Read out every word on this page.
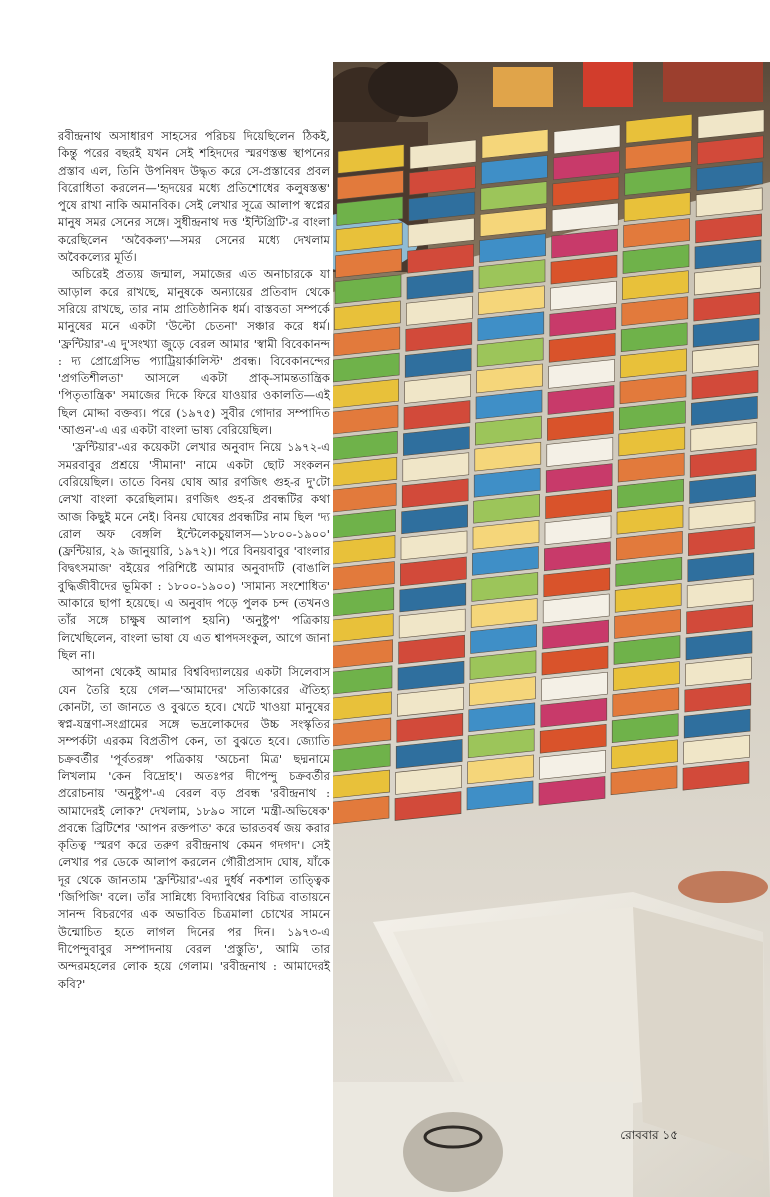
রবীন্দ্রনাথ অসাধারণ সাহসের পরিচয় দিয়েছিলেন ঠিকই, কিন্তু পরের বছরই যখন সেই শহিদদের স্মরণস্তম্ভ স্থাপনের প্রস্তাব এল, তিনি উপনিষদ উদ্ধৃত করে সে-প্রস্তাবের প্রবল বিরোধিতা করলেন—'হৃদয়ের মধ্যে প্রতিশোধের কলুষস্তম্ভ' পুষে রাখা নাকি অমানবিক। সেই লেখার সূত্রে আলাপ স্বপ্নের মানুষ সমর সেনের সঙ্গে। সুধীন্দ্রনাথ দত্ত 'ইন্টিগ্রিটি'-র বাংলা করেছিলেন 'অবৈকল্য'—সমর সেনের মধ্যে দেখলাম অবৈকল্যের মূর্তি।

অচিরেই প্রত্যয় জন্মাল, সমাজের এত অনাচারকে যা আড়াল করে রাখছে, মানুষকে অন্যায়ের প্রতিবাদ থেকে সরিয়ে রাখছে, তার নাম প্রাতিষ্ঠানিক ধর্ম। বাস্তবতা সম্পর্কে মানুষের মনে একটা 'উল্টো চেতনা' সঞ্চার করে ধর্ম। 'ফ্রন্টিয়ার'-এ দু'সংখ্যা জুড়ে বেরল আমার 'স্বামী বিবেকানন্দ : দ্য প্রোগ্রেসিভ প্যাট্রিয়ার্কালিস্ট' প্রবন্ধ। বিবেকানন্দের 'প্রগতিশীলতা' আসলে একটা প্রাক্-সামন্ততান্ত্রিক 'পিতৃতান্ত্রিক' সমাজের দিকে ফিরে যাওয়ার ওকালতি—এই ছিল মোদ্দা বক্তব্য। পরে (১৯৭৫) সুবীর গোদার সম্পাদিত 'আগুন'-এ এর একটা বাংলা ভাষ্য বেরিয়েছিল।

'ফ্রন্টিয়ার'-এর কয়েকটা লেখার অনুবাদ নিয়ে ১৯৭২-এ সমরবাবুর প্রশ্রয়ে 'সীমানা' নামে একটা ছোট সংকলন বেরিয়েছিল। তাতে বিনয় ঘোষ আর রণজিৎ গুহ-র দু'টো লেখা বাংলা করেছিলাম। রণজিৎ গুহ-র প্রবন্ধটির কথা আজ কিছুই মনে নেই। বিনয় ঘোষের প্রবন্ধটির নাম ছিল 'দ্য রোল অফ বেঙ্গলি ইন্টেলেকচুয়ালস—১৮০০-১৯০০' (ফ্রন্টিয়ার, ২৯ জানুয়ারি, ১৯৭২)। পরে বিনয়বাবুর 'বাংলার বিদ্বৎসমাজ' বইয়ের পরিশিষ্টে আমার অনুবাদটি (বাঙালি বুদ্ধিজীবীদের ভূমিকা : ১৮০০-১৯০০) 'সামান্য সংশোধিত' আকারে ছাপা হয়েছে। এ অনুবাদ পড়ে পুলক চন্দ (তখনও তাঁর সঙ্গে চাক্ষুষ আলাপ হয়নি) 'অনুষ্টুপ' পত্রিকায় লিখেছিলেন, বাংলা ভাষা যে এত শ্বাপদসংকুল, আগে জানা ছিল না।

আপনা থেকেই আমার বিশ্ববিদ্যালয়ের একটা সিলেবাস যেন তৈরি হয়ে গেল—'আমাদের' সত্যিকারের ঐতিহ্য কোনটা, তা জানতে ও বুঝতে হবে। খেটে খাওয়া মানুষের স্বপ্ন-যন্ত্রণা-সংগ্রামের সঙ্গে ভদ্রলোকদের উচ্চ সংস্কৃতির সম্পর্কটা এরকম বিপ্রতীপ কেন, তা বুঝতে হবে। জ্যোতি চক্রবর্তীর 'পূর্বতরঙ্গ' পত্রিকায় 'অচেনা মিত্র' ছদ্মনামে লিখলাম 'কেন বিদ্রোহ'। অতঃপর দীপেন্দু চক্রবর্তীর প্ররোচনায় 'অনুষ্টুপ'-এ বেরল বড় প্রবন্ধ 'রবীন্দ্রনাথ : আমাদেরই লোক?' দেখলাম, ১৮৯০ সালে 'মন্ত্রী-অভিষেক' প্রবন্ধে ব্রিটিশের 'আপন রক্তপাত' করে ভারতবর্ষ জয় করার কৃতিত্ব 'স্মরণ করে তরুণ রবীন্দ্রনাথ কেমন গদগদ'। সেই লেখার পর ডেকে আলাপ করলেন গৌরীপ্রসাদ ঘোষ, যাঁকে দূর থেকে জানতাম 'ফ্রন্টিয়ার'-এর দুর্ধর্ষ নকশাল তাত্ত্বিক 'জিপিজি' বলে। তাঁর সান্নিধ্যে বিদ্যাবিশ্বের বিচিত্র বাতায়নে সানন্দ বিচরণের এক অভাবিত চিত্রমালা চোখের সামনে উন্মোচিত হতে লাগল দিনের পর দিন। ১৯৭৩-এ দীপেন্দুবাবুর সম্পাদনায় বেরল 'প্রস্তুতি', আমি তার অন্দরমহলের লোক হয়ে গেলাম। 'রবীন্দ্রনাথ : আমাদেরই কবি?'

রোববার ১৫
